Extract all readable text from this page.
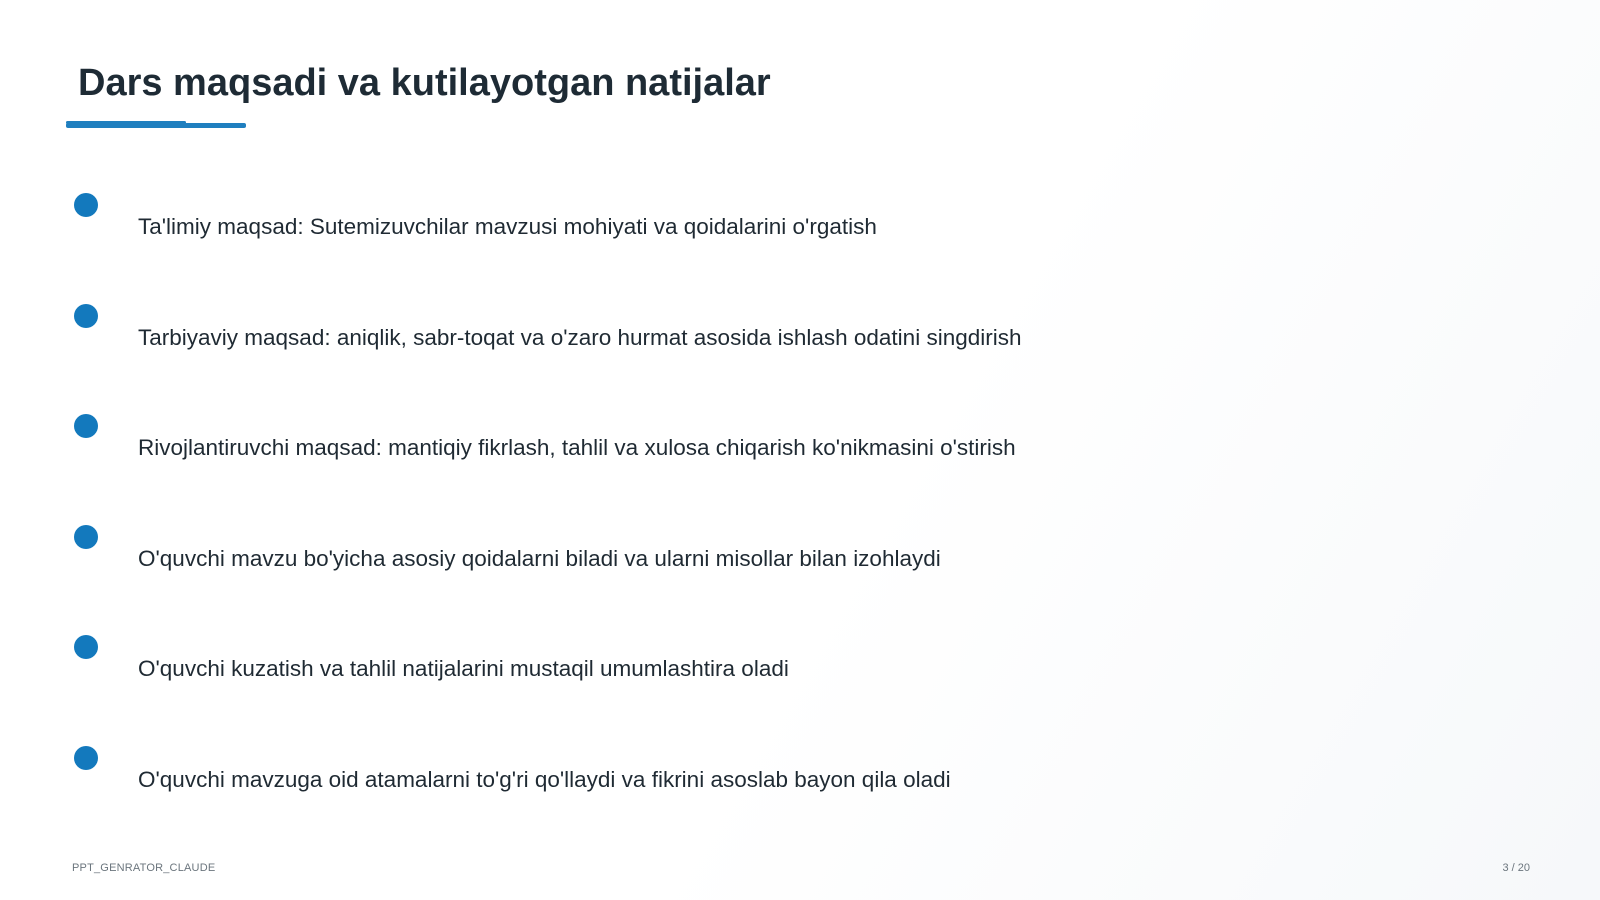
Dars maqsadi va kutilayotgan natijalar
Ta'limiy maqsad: Sutemizuvchilar mavzusi mohiyati va qoidalarini o'rgatish
Tarbiyaviy maqsad: aniqlik, sabr-toqat va o'zaro hurmat asosida ishlash odatini singdirish
Rivojlantiruvchi maqsad: mantiqiy fikrlash, tahlil va xulosa chiqarish ko'nikmasini o'stirish
O'quvchi mavzu bo'yicha asosiy qoidalarni biladi va ularni misollar bilan izohlaydi
O'quvchi kuzatish va tahlil natijalarini mustaqil umumlashtira oladi
O'quvchi mavzuga oid atamalarni to'g'ri qo'llaydi va fikrini asoslab bayon qila oladi
PPT_GENRATOR_CLAUDE	3 / 20
